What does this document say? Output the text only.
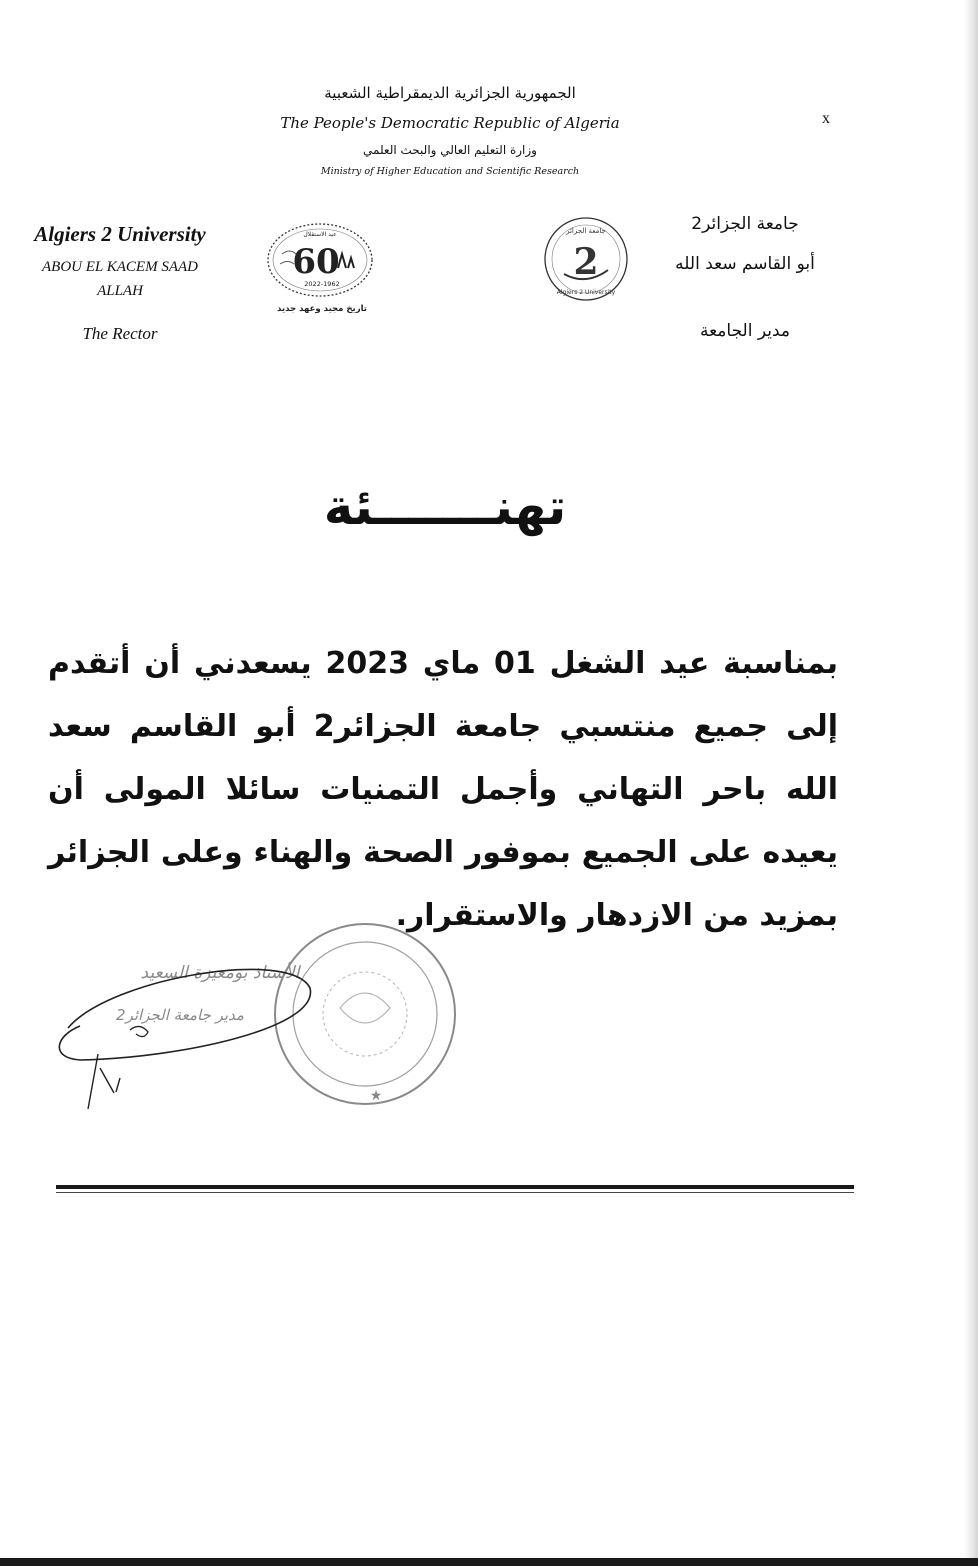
الجمهورية الجزائرية الديمقراطية الشعبية
The People's Democratic Republic of Algeria
وزارة التعليم العالي والبحث العلمي
Ministry of Higher Education and Scientific Research
x
Algiers 2 University
ABOU EL KACEM SAAD ALLAH
The Rector
جامعة الجزائر2
أبو القاسم سعد الله
مدير الجامعة
عيد الاستقلال
60
2022-1962
تاريخ مجيد وعهد جديد
جامعة الجزائر
2
Algiers 2 University
تهنـــــــئة
بمناسبة عيد الشغل 01 ماي 2023 يسعدني أن أتقدم إلى جميع منتسبي جامعة الجزائر2 أبو القاسم سعد الله باحر التهاني وأجمل التمنيات سائلا المولى أن يعيده على الجميع بموفور الصحة والهناء وعلى الجزائر بمزيد من الازدهار والاستقرار.
★
الأستاذ بومعيزة السعيد
مدير جامعة الجزائر2
